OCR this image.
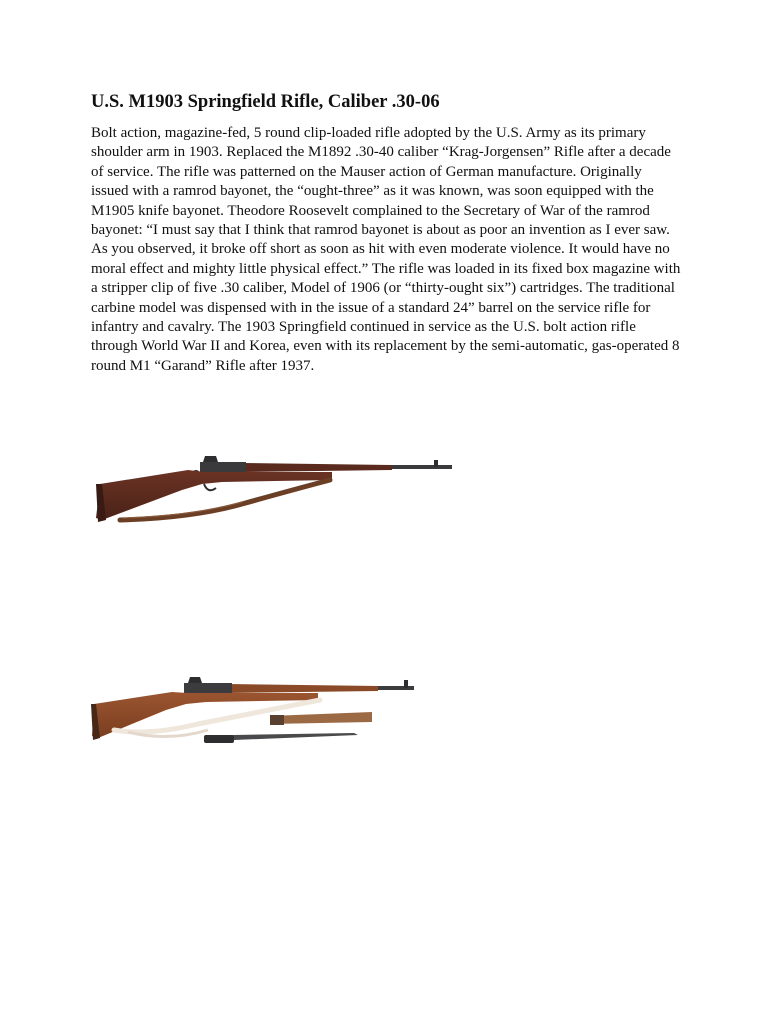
U.S. M1903 Springfield Rifle, Caliber .30-06

Bolt action, magazine-fed, 5 round clip-loaded rifle adopted by the U.S. Army as its primary shoulder arm in 1903. Replaced the M1892 .30-40 caliber “Krag-Jorgensen” Rifle after a decade of service. The rifle was patterned on the Mauser action of German manufacture. Originally issued with a ramrod bayonet, the “ought-three” as it was known, was soon equipped with the M1905 knife bayonet. Theodore Roosevelt complained to the Secretary of War of the ramrod bayonet: “I must say that I think that ramrod bayonet is about as poor an invention as I ever saw. As you observed, it broke off short as soon as hit with even moderate violence. It would have no moral effect and mighty little physical effect.” The rifle was loaded in its fixed box magazine with a stripper clip of five .30 caliber, Model of 1906 (or “thirty-ought six”) cartridges. The traditional carbine model was dispensed with in the issue of a standard 24” barrel on the service rifle for infantry and cavalry. The 1903 Springfield continued in service as the U.S. bolt action rifle through World War II and Korea, even with its replacement by the semi-automatic, gas-operated 8 round M1 “Garand” Rifle after 1937.
